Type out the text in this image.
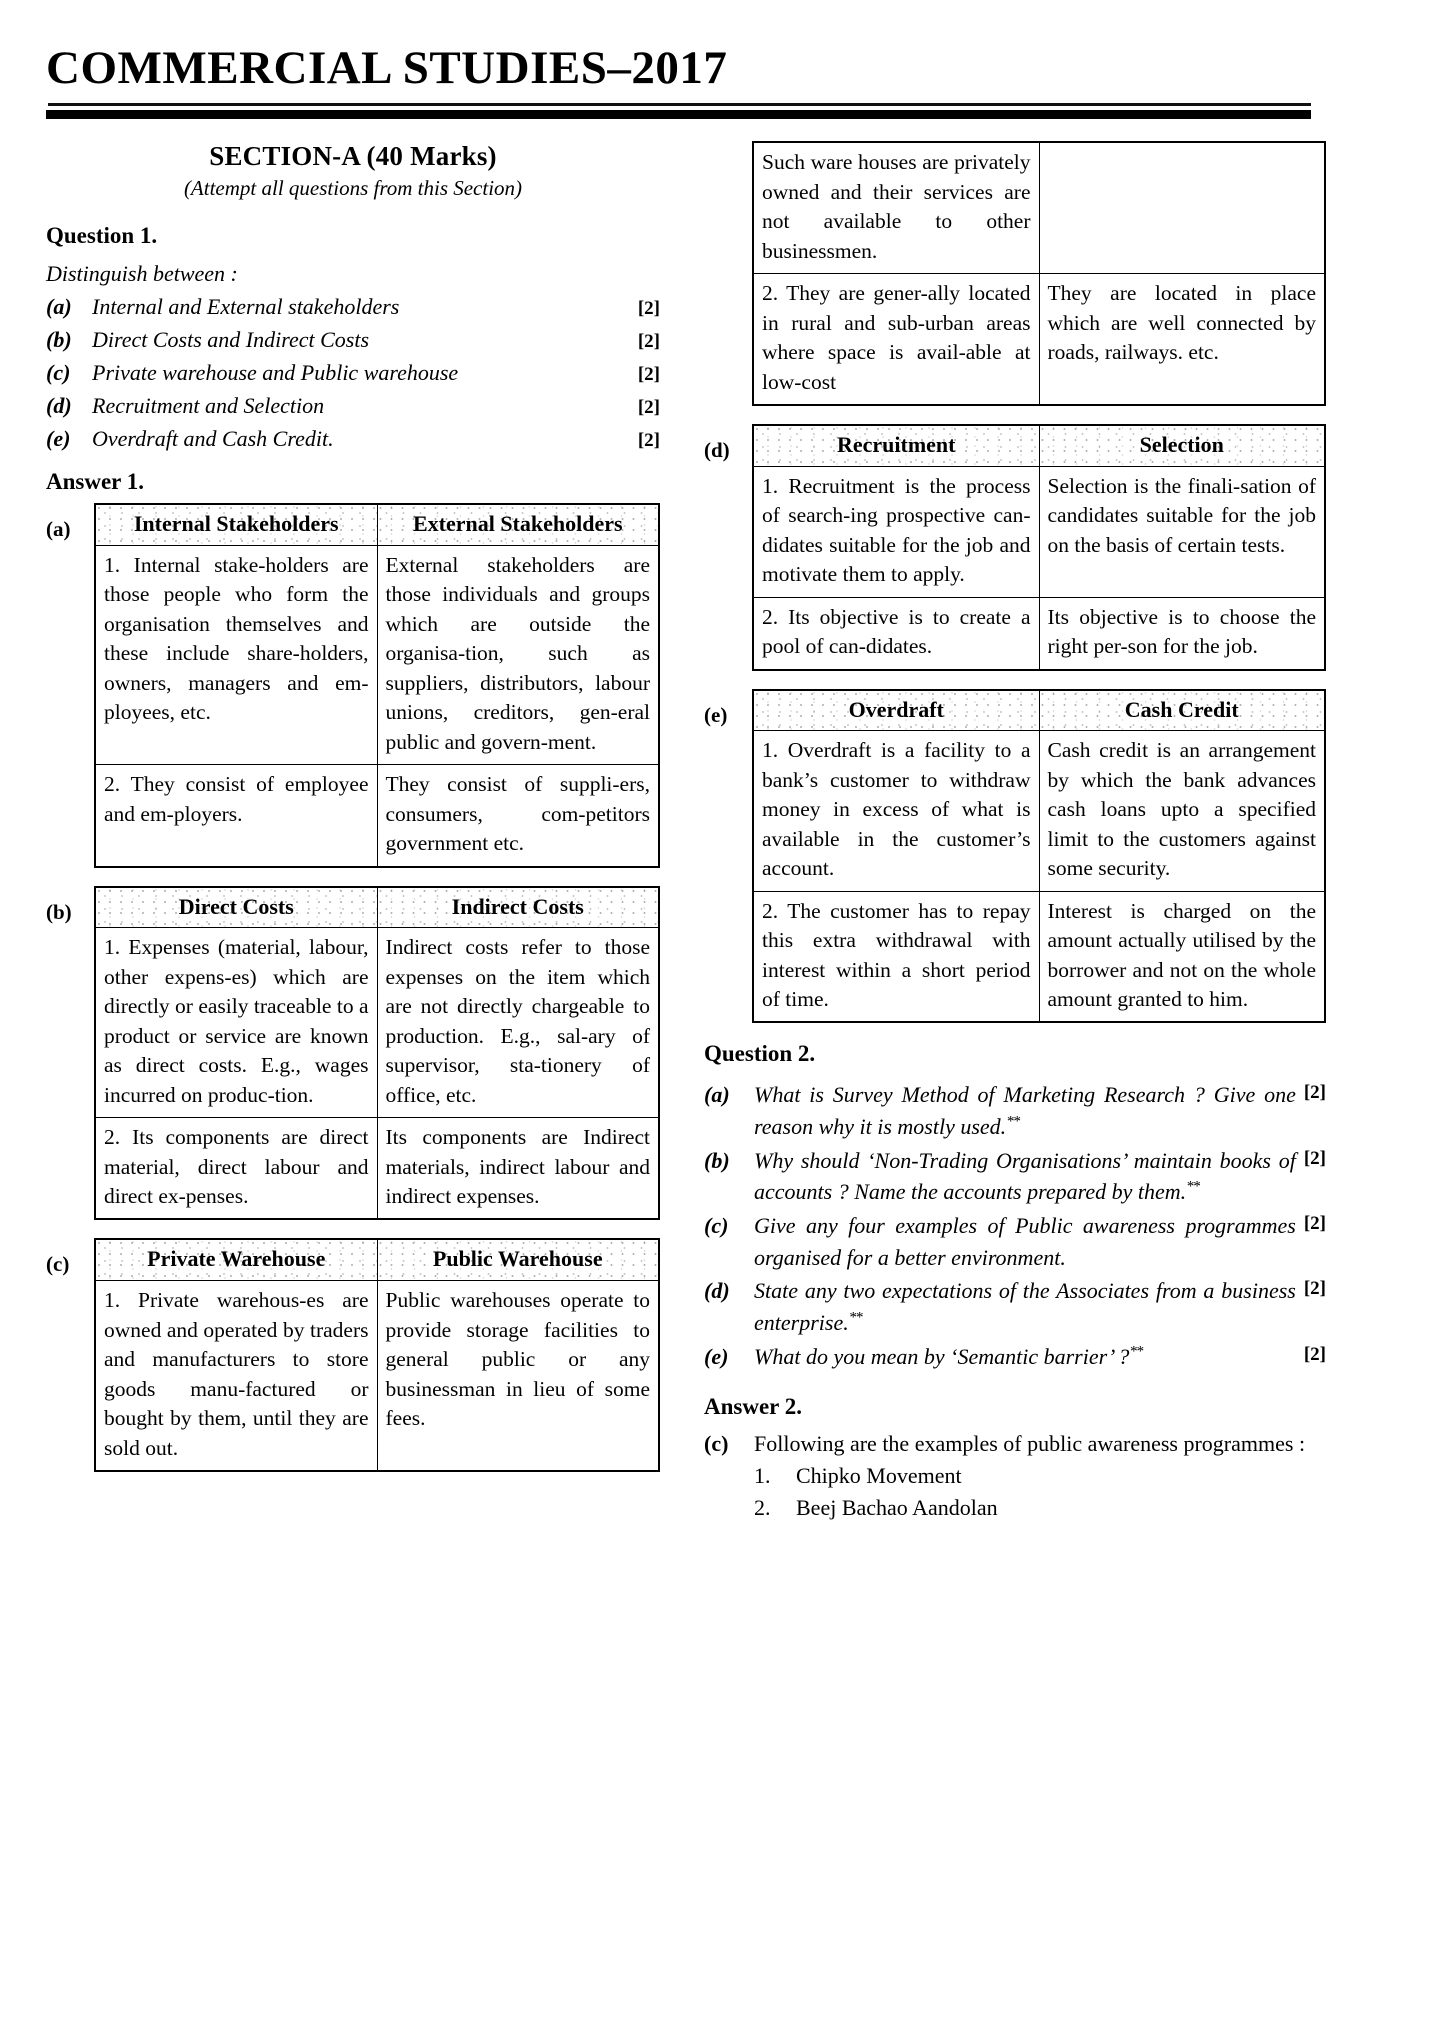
COMMERCIAL STUDIES–2017
SECTION-A (40 Marks)
(Attempt all questions from this Section)
Question 1.
Distinguish between :
(a) Internal and External stakeholders	[2]
(b) Direct Costs and Indirect Costs	[2]
(c) Private warehouse and Public warehouse	[2]
(d) Recruitment and Selection	[2]
(e) Overdraft and Cash Credit.	[2]
Answer 1.
(a)	Internal Stakeholders	External Stakeholders
1. Internal stake-holders are those people who form the organisation themselves and these include share-holders, owners, managers and em-ployees, etc.	External stakeholders are those individuals and groups which are outside the organisa-tion, such as suppliers, distributors, labour unions, creditors, gen-eral public and govern-ment.
2. They consist of employee and em-ployers.	They consist of suppli-ers, consumers, com-petitors government etc.
(b)	Direct Costs	Indirect Costs
1. Expenses (material, labour, other expens-es) which are directly or easily traceable to a product or service are known as direct costs. E.g., wages incurred on produc-tion.	Indirect costs refer to those expenses on the item which are not directly chargeable to production. E.g., sal-ary of supervisor, sta-tionery of office, etc.
2. Its components are direct material, direct labour and direct ex-penses.	Its components are Indirect materials, indirect labour and indirect expenses.
(c)	Private Warehouse	Public Warehouse
1. Private warehous-es are owned and operated by traders and manufacturers to store goods manu-factured or bought by them, until they are sold out.	Public warehouses operate to provide storage facilities to general public or any businessman in lieu of some fees.

Such ware houses are privately owned and their services are not available to other businessmen.	
2. They are gener-ally located in rural and sub-urban areas where space is avail-able at low-cost	They are located in place which are well connected by roads, railways. etc.
(d)	Recruitment	Selection
1. Recruitment is the process of search-ing prospective can-didates suitable for the job and motivate them to apply.	Selection is the finali-sation of candidates suitable for the job on the basis of certain tests.
2. Its objective is to create a pool of can-didates.	Its objective is to choose the right per-son for the job.
(e)	Overdraft	Cash Credit
1. Overdraft is a facility to a bank’s customer to withdraw money in excess of what is available in the customer’s account.	Cash credit is an arrangement by which the bank advances cash loans upto a specified limit to the customers against some security.
2. The customer has to repay this extra withdrawal with interest within a short period of time.	Interest is charged on the amount actually utilised by the borrower and not on the whole amount granted to him.
Question 2.
(a)	[2]
What is Survey Method of Marketing Research ? Give one reason why it is mostly used.**
(b)	[2]
Why should ‘Non-Trading Organisations’ maintain books of accounts ? Name the accounts prepared by them.**
(c)	[2]
Give any four examples of Public awareness programmes organised for a better environment.
(d)	[2]
State any two expectations of the Associates from a business enterprise.**
(e)	[2]
What do you mean by ‘Semantic barrier’ ?**
Answer 2.
(c)	Following are the examples of public awareness programmes :
1.	Chipko Movement
2.	Beej Bachao Aandolan
